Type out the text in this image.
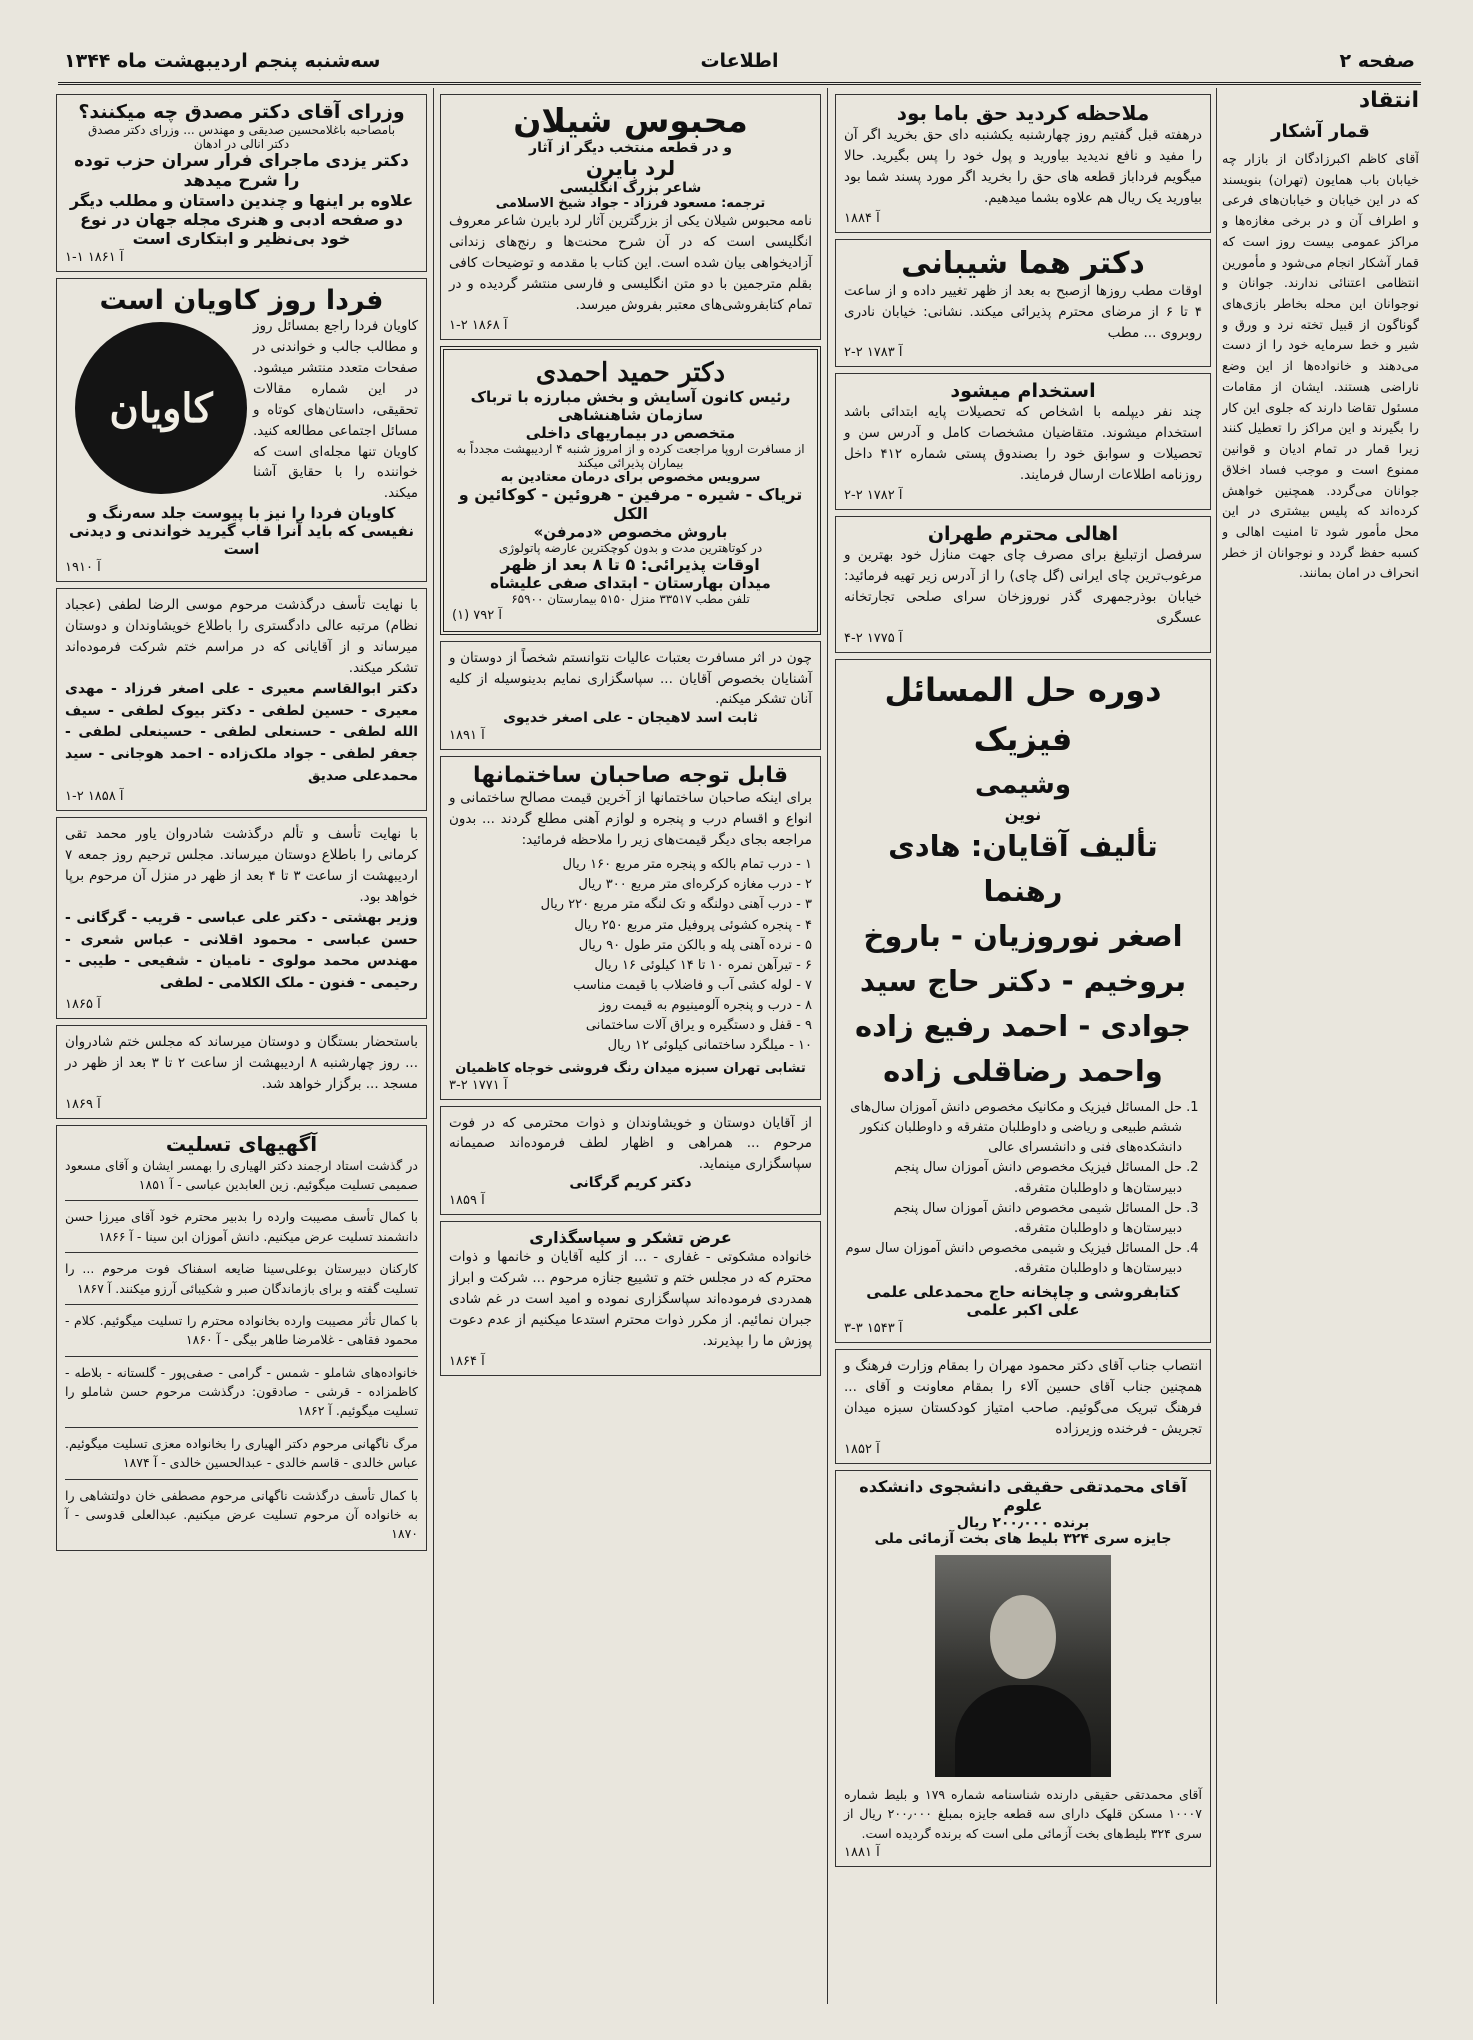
صفحه ۲
اطلاعات
سه‌شنبه پنجم اردیبهشت ماه ۱۳۴۴
انتقاد
قمار آشکار
آقای کاظم اکبرزادگان از بازار چه خیابان باب همایون (تهران) بنویسند که در این خیابان و خیابان‌های فرعی و اطراف آن و در برخی مغازه‌ها و مراکز عمومی بیست روز است که قمار آشکار انجام می‌شود و مأمورین انتظامی اعتنائی ندارند. جوانان و نوجوانان این محله بخاطر بازی‌های گوناگون از قبیل تخته نرد و ورق و شیر و خط سرمایه خود را از دست می‌دهند و خانواده‌ها از این وضع ناراضی هستند. ایشان از مقامات مسئول تقاضا دارند که جلوی این کار را بگیرند و این مراکز را تعطیل کنند زیرا قمار در تمام ادیان و قوانین ممنوع است و موجب فساد اخلاق جوانان می‌گردد. همچنین خواهش کرده‌اند که پلیس بیشتری در این محل مأمور شود تا امنیت اهالی و کسبه حفظ گردد و نوجوانان از خطر انحراف در امان بمانند.
ملاحظه کردید حق باما بود
درهفته قبل گفتیم روز چهارشنبه یکشنبه دای حق بخرید اگر آن را مفید و نافع ندیدید بیاورید و پول خود را پس بگیرید. حالا میگویم فرداباز قطعه های حق را بخرید اگر مورد پسند شما بود بیاورید یک ریال هم علاوه بشما میدهیم.
آ ۱۸۸۴
دکتر هما شیبانی
اوقات مطب روزها ازصبح به بعد از ظهر تغییر داده و از ساعت ۴ تا ۶ از مرضای محترم پذیرائی میکند. نشانی: خیابان نادری روبروی ... مطب
آ ۱۷۸۳ ۲-۲
استخدام میشود
چند نفر دیپلمه با اشخاص که تحصیلات پایه ابتدائی باشد استخدام میشوند. متقاضیان مشخصات کامل و آدرس سن و تحصیلات و سوابق خود را بصندوق پستی شماره ۴۱۲ داخل روزنامه اطلاعات ارسال فرمایند.
آ ۱۷۸۲ ۲-۲
اهالی محترم طهران
سرفصل ازتبلیغ برای مصرف چای جهت منازل خود بهترین و مرغوب‌ترین چای ایرانی (گل چای) را از آدرس زیر تهیه فرمائید: خیابان بوذرجمهری گذر نوروزخان سرای صلحی تجارتخانه عسگری
آ ۱۷۷۵ ۲-۴
دوره حل المسائل فیزیک
وشیمی
نوین
تألیف آقایان: هادی رهنما
اصغر نوروزیان - باروخ
بروخیم - دکتر حاج سید
جوادی - احمد رفیع زاده
واحمد رضاقلی زاده
1. حل المسائل فیزیک و مکانیک مخصوص دانش آموزان سال‌های ششم طبیعی و ریاضی و داوطلبان متفرقه و داوطلبان کنکور دانشکده‌های فنی و دانشسرای عالی
2. حل المسائل فیزیک مخصوص دانش آموزان سال پنجم دبیرستان‌ها و داوطلبان متفرقه.
3. حل المسائل شیمی مخصوص دانش آموزان سال پنجم دبیرستان‌ها و داوطلبان متفرقه.
4. حل المسائل فیزیک و شیمی مخصوص دانش آموزان سال سوم دبیرستان‌ها و داوطلبان متفرقه.
کتابفروشی و چاپخانه حاج محمدعلی علمی
علی اکبر علمی
آ ۱۵۴۳ ۳-۳
انتصاب جناب آقای دکتر محمود مهران را بمقام وزارت فرهنگ و همچنین جناب آقای حسین آلاء را بمقام معاونت و آقای ... فرهنگ تبریک می‌گوئیم. صاحب امتیاز کودکستان سبزه‌ میدان تجریش - فرخنده وزیرزاده
آ ۱۸۵۲
آقای محمدتقی حقیقی دانشجوی دانشکده علوم
برنده ۲۰۰٫۰۰۰ ریال
جایزه سری ۳۲۴ بلیط های بخت آزمائی ملی
آقای محمدتقی حقیقی دارنده شناسنامه شماره ۱۷۹ و بلیط شماره ۱۰۰۰۷ مسکن قلهک دارای سه قطعه جایزه بمبلغ ۲۰۰٫۰۰۰ ریال از سری ۳۲۴ بلیط‌های بخت آزمائی ملی است که برنده گردیده است.
آ ۱۸۸۱
محبوس شیلان
و در قطعه منتخب دیگر از آثار
لرد بایرن
شاعر بزرگ انگلیسی
ترجمه: مسعود فرزاد - جواد شیخ الاسلامی
نامه محبوس شیلان یکی از بزرگترین آثار لرد بایرن شاعر معروف انگلیسی است که در آن شرح محنت‌ها و رنج‌های زندانی آزادیخواهی بیان شده است. این کتاب با مقدمه و توضیحات کافی بقلم مترجمین با دو متن انگلیسی و فارسی منتشر گردیده و در تمام کتابفروشی‌های معتبر بفروش میرسد.
آ ۱۸۶۸ ۲-۱
دکتر حمید احمدی
رئیس کانون آسایش و بخش مبارزه با ترباک
سازمان شاهنشاهی
متخصص در بیماریهای داخلی
از مسافرت اروپا مراجعت کرده و از امروز شنبه ۴ اردیبهشت مجدداً به بیماران پذیرائی میکند
سرویس مخصوص برای درمان معتادین به
تریاک - شیره - مرفین - هروئین - کوکائین و الکل
باروش مخصوص «دمرفن»
در کوتاهترین مدت و بدون کوچکترین عارضه پاتولوژی
اوقات پذیرائی: ۵ تا ۸ بعد از ظهر
میدان بهارستان - ابتدای صفی علیشاه
تلفن مطب ۳۳۵۱۷ منزل ۵۱۵۰ بیمارستان ۶۵۹۰۰
آ ۷۹۲ (۱)
چون در اثر مسافرت بعتبات عالیات نتوانستم شخصاً از دوستان و آشنایان بخصوص آقایان ... سپاسگزاری نمایم بدینوسیله از کلیه آنان تشکر میکنم.
ثابت اسد لاهیجان - علی اصغر خدیوی
آ ۱۸۹۱
قابل توجه صاحبان ساختمانها
برای اینکه صاحبان ساختمانها از آخرین قیمت مصالح ساختمانی و انواع و اقسام درب و پنجره و لوازم آهنی مطلع گردند ... بدون مراجعه بجای دیگر قیمت‌های زیر را ملاحظه فرمائید:
۱ - درب تمام بالکه و پنجره متر مربع ۱۶۰ ریال
۲ - درب مغازه کرکره‌ای متر مربع ۳۰۰ ریال
۳ - درب آهنی دولنگه و تک لنگه متر مربع ۲۲۰ ریال
۴ - پنجره کشوئی پروفیل متر مربع ۲۵۰ ریال
۵ - نرده آهنی پله و بالکن متر طول ۹۰ ریال
۶ - تیرآهن نمره ۱۰ تا ۱۴ کیلوئی ۱۶ ریال
۷ - لوله کشی آب و فاضلاب با قیمت مناسب
۸ - درب و پنجره آلومینیوم به قیمت روز
۹ - قفل و دستگیره و یراق آلات ساختمانی
۱۰ - میلگرد ساختمانی کیلوئی ۱۲ ریال
تشابی تهران سبزه میدان رنگ فروشی خوجاه کاظمیان
آ ۱۷۷۱ ۲-۳
از آقایان دوستان و خویشاوندان و ذوات محترمی که در فوت مرحوم ... همراهی و اظهار لطف فرموده‌اند صمیمانه سپاسگزاری مینماید.
دکتر کریم گرگانی
آ ۱۸۵۹
عرض تشکر و سپاسگذاری
خانواده مشکوتی - غفاری - ... از کلیه آقایان و خانمها و ذوات محترم که در مجلس ختم و تشییع جنازه مرحوم ... شرکت و ابراز همدردی فرموده‌اند سپاسگزاری نموده و امید است در غم شادی جبران نمائیم. از مکرر ذوات محترم استدعا میکنیم از عدم دعوت پوزش ما را بپذیرند.
آ ۱۸۶۴
وزرای آقای دکتر مصدق چه میکنند؟
بامصاحبه باغلامحسین صدیقی و مهندس ... وزرای دکتر مصدق
دکتر انالی در ادهان
دکتر یزدی ماجرای فرار سران حزب توده را شرح میدهد
علاوه بر اینها و چندین داستان و مطلب دیگر
دو صفحه ادبی و هنری مجله جهان در نوع خود بی‌نظیر و ابتکاری است
آ ۱۸۶۱ ۱-۱
فردا روز کاویان است
کاویان
کاویان فردا راجع بمسائل روز و مطالب جالب و خواندنی در صفحات متعدد منتشر میشود. در این شماره مقالات تحقیقی، داستان‌های کوتاه و مسائل اجتماعی مطالعه کنید. کاویان تنها مجله‌ای است که خواننده را با حقایق آشنا میکند.
کاویان فردا را نیز با پیوست جلد سه‌رنگ و نفیسی که باید آنرا قاب گیرید خواندنی و دیدنی است
آ ۱۹۱۰
با نهایت تأسف درگذشت مرحوم موسی الرضا لطفی (عجباد نظام) مرتبه عالی دادگستری را باطلاع خویشاوندان و دوستان میرساند و از آقایانی که در مراسم ختم شرکت فرموده‌اند تشکر میکند.
دکتر ابوالقاسم معیری - علی اصغر فرزاد - مهدی معیری - حسین لطفی - دکتر بیوک لطفی - سیف الله لطفی - حسنعلی لطفی - حسینعلی لطفی - جعفر لطفی - جواد ملک‌زاده - احمد هوجانی - سید محمدعلی صدیق
آ ۱۸۵۸ ۲-۱
با نهایت تأسف و تألم درگذشت شادروان یاور محمد تقی کرمانی را باطلاع دوستان میرساند. مجلس ترحیم روز جمعه ۷ اردیبهشت از ساعت ۳ تا ۴ بعد از ظهر در منزل آن مرحوم برپا خواهد بود.
وزیر بهشتی - دکتر علی عباسی - قریب - گرگانی - حسن عباسی - محمود اقلانی - عباس شعری - مهندس محمد مولوی - نامیان - شفیعی - طیبی - رحیمی - فنون - ملک الکلامی - لطفی
آ ۱۸۶۵
باستحضار بستگان و دوستان میرساند که مجلس ختم شادروان ... روز چهارشنبه ۸ اردیبهشت از ساعت ۲ تا ۳ بعد از ظهر در مسجد ... برگزار خواهد شد.
آ ۱۸۶۹
آگهیهای تسلیت
در گذشت استاد ارجمند دکتر الهیاری را بهمسر ایشان و آقای مسعود صمیمی تسلیت میگوئیم. زین العابدین عباسی - آ ۱۸۵۱
با کمال تأسف مصیبت وارده را بدبیر محترم خود آقای میرزا حسن دانشمند تسلیت عرض میکنیم. دانش آموزان ابن سینا - آ ۱۸۶۶
کارکنان دبیرستان بوعلی‌سینا ضایعه اسفناک فوت مرحوم ... را تسلیت گفته و برای بازماندگان صبر و شکیبائی آرزو میکنند. آ ۱۸۶۷
با کمال تأثر مصیبت وارده بخانواده محترم را تسلیت میگوئیم. کلام - محمود فقاهی - غلامرضا طاهر بیگی - آ ۱۸۶۰
خانواده‌های شاملو - شمس - گرامی - صفی‌پور - گلستانه - بلاطه - کاظمزاده - قرشی - صادقون: درگذشت مرحوم حسن شاملو را تسلیت میگوئیم. آ ۱۸۶۲
مرگ ناگهانی مرحوم دکتر الهیاری را بخانواده معزی تسلیت میگوئیم. عباس خالدی - قاسم خالدی - عبدالحسین خالدی - آ ۱۸۷۴
با کمال تأسف درگذشت ناگهانی مرحوم مصطفی خان دولتشاهی را به خانواده آن مرحوم تسلیت عرض میکنیم. عبدالعلی قدوسی - آ ۱۸۷۰
